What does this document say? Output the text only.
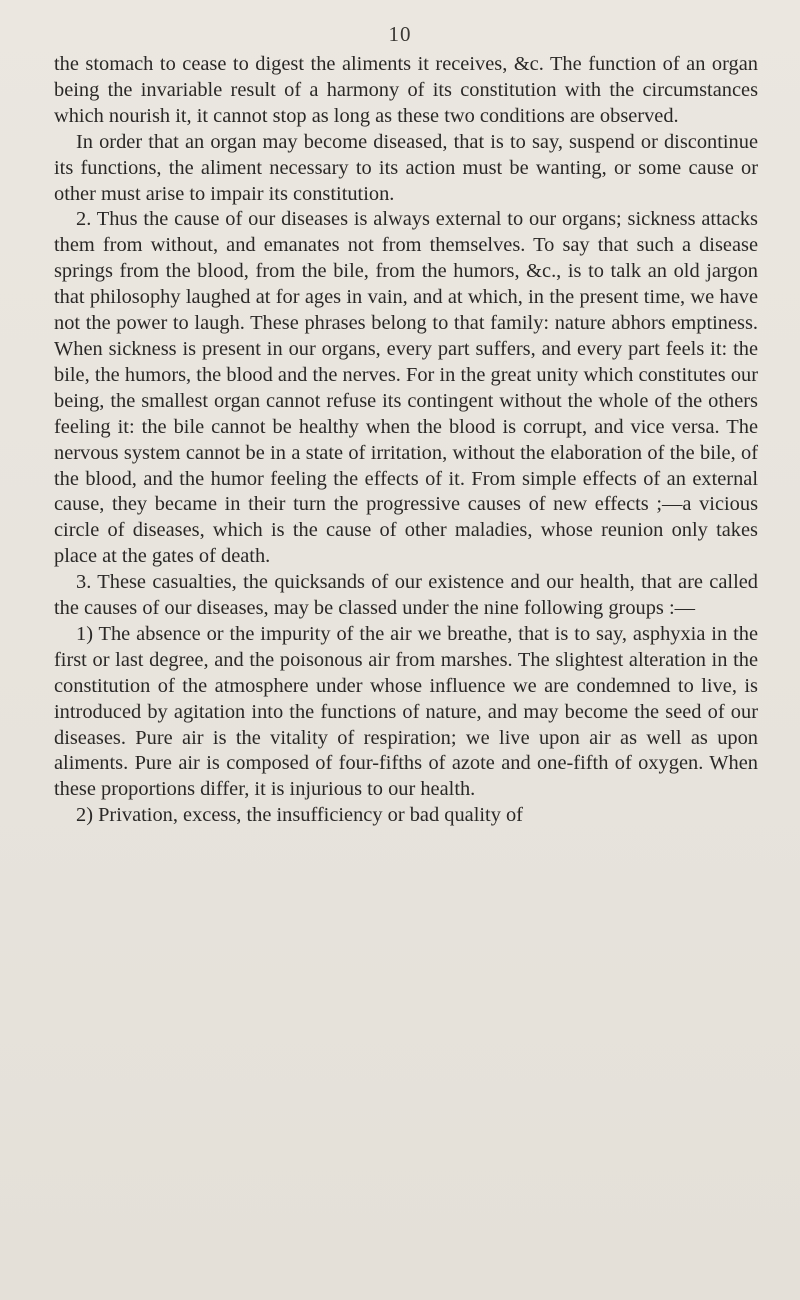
10

the stomach to cease to digest the aliments it receives, &c. The function of an organ being the invariable result of a harmony of its constitution with the circumstances which nourish it, it cannot stop as long as these two conditions are observed.

In order that an organ may become diseased, that is to say, suspend or discontinue its functions, the aliment necessary to its action must be wanting, or some cause or other must arise to impair its constitution.

2. Thus the cause of our diseases is always external to our organs; sickness attacks them from without, and emanates not from themselves. To say that such a disease springs from the blood, from the bile, from the humors, &c., is to talk an old jargon that philosophy laughed at for ages in vain, and at which, in the present time, we have not the power to laugh. These phrases belong to that family: nature abhors emptiness. When sickness is present in our organs, every part suffers, and every part feels it: the bile, the humors, the blood and the nerves. For in the great unity which constitutes our being, the smallest organ cannot refuse its contingent without the whole of the others feeling it: the bile cannot be healthy when the blood is corrupt, and vice versa. The nervous system cannot be in a state of irritation, without the elaboration of the bile, of the blood, and the humor feeling the effects of it. From simple effects of an external cause, they became in their turn the progressive causes of new effects ;—a vicious circle of diseases, which is the cause of other maladies, whose reunion only takes place at the gates of death.

3. These casualties, the quicksands of our existence and our health, that are called the causes of our diseases, may be classed under the nine following groups :—

1) The absence or the impurity of the air we breathe, that is to say, asphyxia in the first or last degree, and the poisonous air from marshes. The slightest alteration in the constitution of the atmosphere under whose influence we are condemned to live, is introduced by agitation into the functions of nature, and may become the seed of our diseases. Pure air is the vitality of respiration; we live upon air as well as upon aliments. Pure air is composed of four-fifths of azote and one-fifth of oxygen. When these proportions differ, it is injurious to our health.

2) Privation, excess, the insufficiency or bad quality of
